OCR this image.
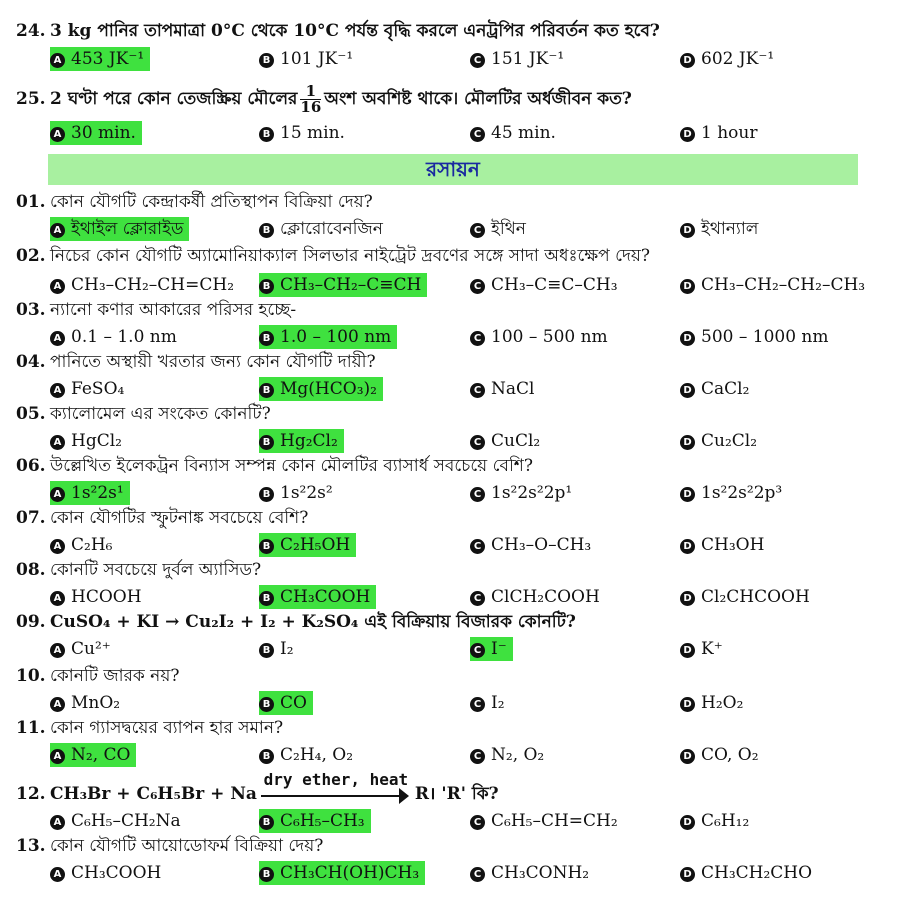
24. 3 kg পানির তাপমাত্রা 0°C থেকে 10°C পর্যন্ত বৃদ্ধি করলে এনট্রপির পরিবর্তন কত হবে?
A 453 JK⁻¹	B 101 JK⁻¹	C 151 JK⁻¹	D 602 JK⁻¹
25. 2 ঘণ্টা পরে কোন তেজস্ক্রিয় মৌলের $\frac{1}{16}$ অংশ অবশিষ্ট থাকে। মৌলটির অর্ধজীবন কত?
A 30 min.	B 15 min.	C 45 min.	D 1 hour
রসায়ন
01. কোন যৌগটি কেন্দ্রাকর্ষী প্রতিস্থাপন বিক্রিয়া দেয়?
A ইথাইল ক্লোরাইড	B ক্লোরোবেনজিন	C ইথিন	D ইথান্যাল
02. নিচের কোন যৌগটি অ্যামোনিয়াক্যাল সিলভার নাইট্রেট দ্রবণের সঙ্গে সাদা অধঃক্ষেপ দেয়?
A CH₃–CH₂–CH=CH₂	B CH₃–CH₂–C≡CH	C CH₃–C≡C–CH₃	D CH₃–CH₂–CH₂–CH₃
03. ন্যানো কণার আকারের পরিসর হচ্ছে-
A 0.1 – 1.0 nm	B 1.0 – 100 nm	C 100 – 500 nm	D 500 – 1000 nm
04. পানিতে অস্থায়ী খরতার জন্য কোন যৌগটি দায়ী?
A FeSO₄	B Mg(HCO₃)₂	C NaCl	D CaCl₂
05. ক্যালোমেল এর সংকেত কোনটি?
A HgCl₂	B Hg₂Cl₂	C CuCl₂	D Cu₂Cl₂
06. উল্লেখিত ইলেকট্রন বিন্যাস সম্পন্ন কোন মৌলটির ব্যাসার্ধ সবচেয়ে বেশি?
A 1s²2s¹	B 1s²2s²	C 1s²2s²2p¹	D 1s²2s²2p³
07. কোন যৌগটির স্ফুটনাঙ্ক সবচেয়ে বেশি?
A C₂H₆	B C₂H₅OH	C CH₃–O–CH₃	D CH₃OH
08. কোনটি সবচেয়ে দুর্বল অ্যাসিড?
A HCOOH	B CH₃COOH	C ClCH₂COOH	D Cl₂CHCOOH
09. CuSO₄ + KI → Cu₂I₂ + I₂ + K₂SO₄ এই বিক্রিয়ায় বিজারক কোনটি?
A Cu²⁺	B I₂	C I⁻	D K⁺
10. কোনটি জারক নয়?
A MnO₂	B CO	C I₂	D H₂O₂
11. কোন গ্যাসদ্বয়ের ব্যাপন হার সমান?
A N₂, CO	B C₂H₄, O₂	C N₂, O₂	D CO, O₂
12. CH₃Br + C₆H₅Br + Na
dry ether, heat
R। 'R' কি?
A C₆H₅–CH₂Na	B C₆H₅–CH₃	C C₆H₅–CH=CH₂	D C₆H₁₂
13. কোন যৌগটি আয়োডোফর্ম বিক্রিয়া দেয়?
A CH₃COOH	B CH₃CH(OH)CH₃	C CH₃CONH₂	D CH₃CH₂CHO
